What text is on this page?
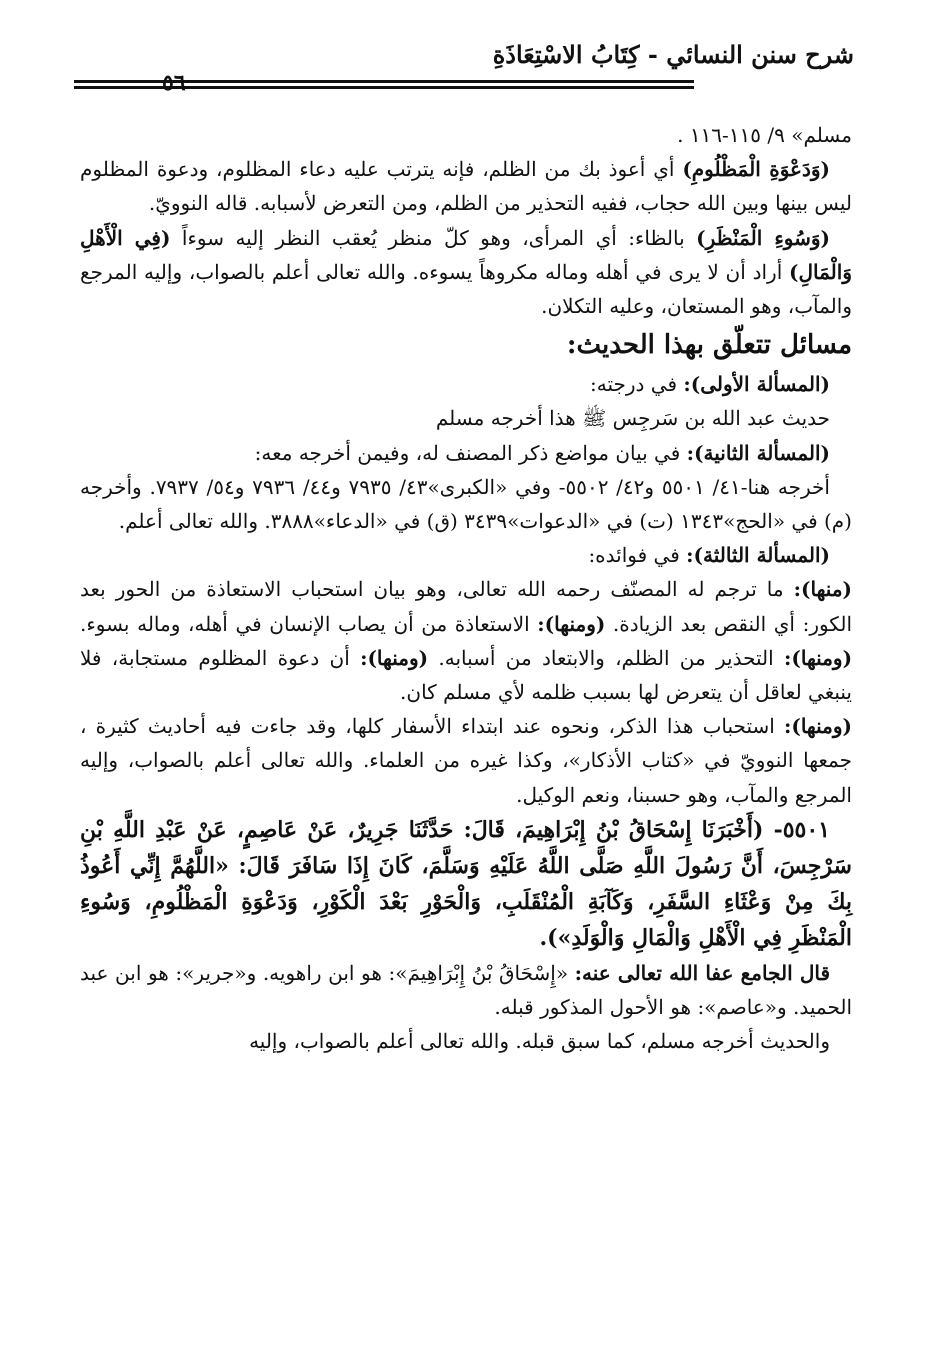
شرح سنن النسائي - كِتَابُ الاسْتِعَاذَةِ
٥٦

مسلم» ٩/ ١١٥-١١٦ .

(وَدَعْوَةِ الْمَظْلُومِ) أي أعوذ بك من الظلم، فإنه يترتب عليه دعاء المظلوم، ودعوة المظلوم ليس بينها وبين الله حجاب، ففيه التحذير من الظلم، ومن التعرض لأسبابه. قاله النوويّ.

(وَسُوءِ الْمَنْظَرِ) بالظاء: أي المرأى، وهو كلّ منظر يُعقب النظر إليه سوءاً (فِي الْأَهْلِ وَالْمَالِ) أراد أن لا يرى في أهله وماله مكروهاً يسوءه. والله تعالى أعلم بالصواب، وإليه المرجع والمآب، وهو المستعان، وعليه التكلان.

مسائل تتعلّق بهذا الحديث:

(المسألة الأولى): في درجته:

حديث عبد الله بن سَرجِس ﷺ هذا أخرجه مسلم

(المسألة الثانية): في بيان مواضع ذكر المصنف له، وفيمن أخرجه معه:

أخرجه هنا-٤١/ ٥٥٠١ و٤٢/ ٥٥٠٢- وفي «الكبرى»٤٣/ ٧٩٣٥ و٤٤/ ٧٩٣٦ و٥٤/ ٧٩٣٧. وأخرجه (م) في «الحج»١٣٤٣ (ت) في «الدعوات»٣٤٣٩ (ق) في «الدعاء»٣٨٨٨. والله تعالى أعلم.

(المسألة الثالثة): في فوائده:

(منها): ما ترجم له المصنّف رحمه الله تعالى، وهو بيان استحباب الاستعاذة من الحور بعد الكور: أي النقص بعد الزيادة. (ومنها): الاستعاذة من أن يصاب الإنسان في أهله، وماله بسوء. (ومنها): التحذير من الظلم، والابتعاد من أسبابه. (ومنها): أن دعوة المظلوم مستجابة، فلا ينبغي لعاقل أن يتعرض لها بسبب ظلمه لأي مسلم كان.

(ومنها): استحباب هذا الذكر، ونحوه عند ابتداء الأسفار كلها، وقد جاءت فيه أحاديث كثيرة ، جمعها النوويّ في «كتاب الأذكار»، وكذا غيره من العلماء. والله تعالى أعلم بالصواب، وإليه المرجع والمآب، وهو حسبنا، ونعم الوكيل.

٥٥٠١- (أَخْبَرَنَا إِسْحَاقُ بْنُ إِبْرَاهِيمَ، قَالَ: حَدَّثَنَا جَرِيرٌ، عَنْ عَاصِمٍ، عَنْ عَبْدِ اللَّهِ بْنِ سَرْجِسَ، أَنَّ رَسُولَ اللَّهِ صَلَّى اللَّهُ عَلَيْهِ وَسَلَّمَ، كَانَ إِذَا سَافَرَ قَالَ: «اللَّهُمَّ إِنِّي أَعُوذُ بِكَ مِنْ وَعْثَاءِ السَّفَرِ، وَكَآبَةِ الْمُنْقَلَبِ، وَالْحَوْرِ بَعْدَ الْكَوْرِ، وَدَعْوَةِ الْمَظْلُومِ، وَسُوءِ الْمَنْظَرِ فِي الْأَهْلِ وَالْمَالِ وَالْوَلَدِ»).

قال الجامع عفا الله تعالى عنه: «إِسْحَاقُ بْنُ إِبْرَاهِيمَ»: هو ابن راهويه. و«جرير»: هو ابن عبد الحميد. و«عاصم»: هو الأحول المذكور قبله.

والحديث أخرجه مسلم، كما سبق قبله. والله تعالى أعلم بالصواب، وإليه
